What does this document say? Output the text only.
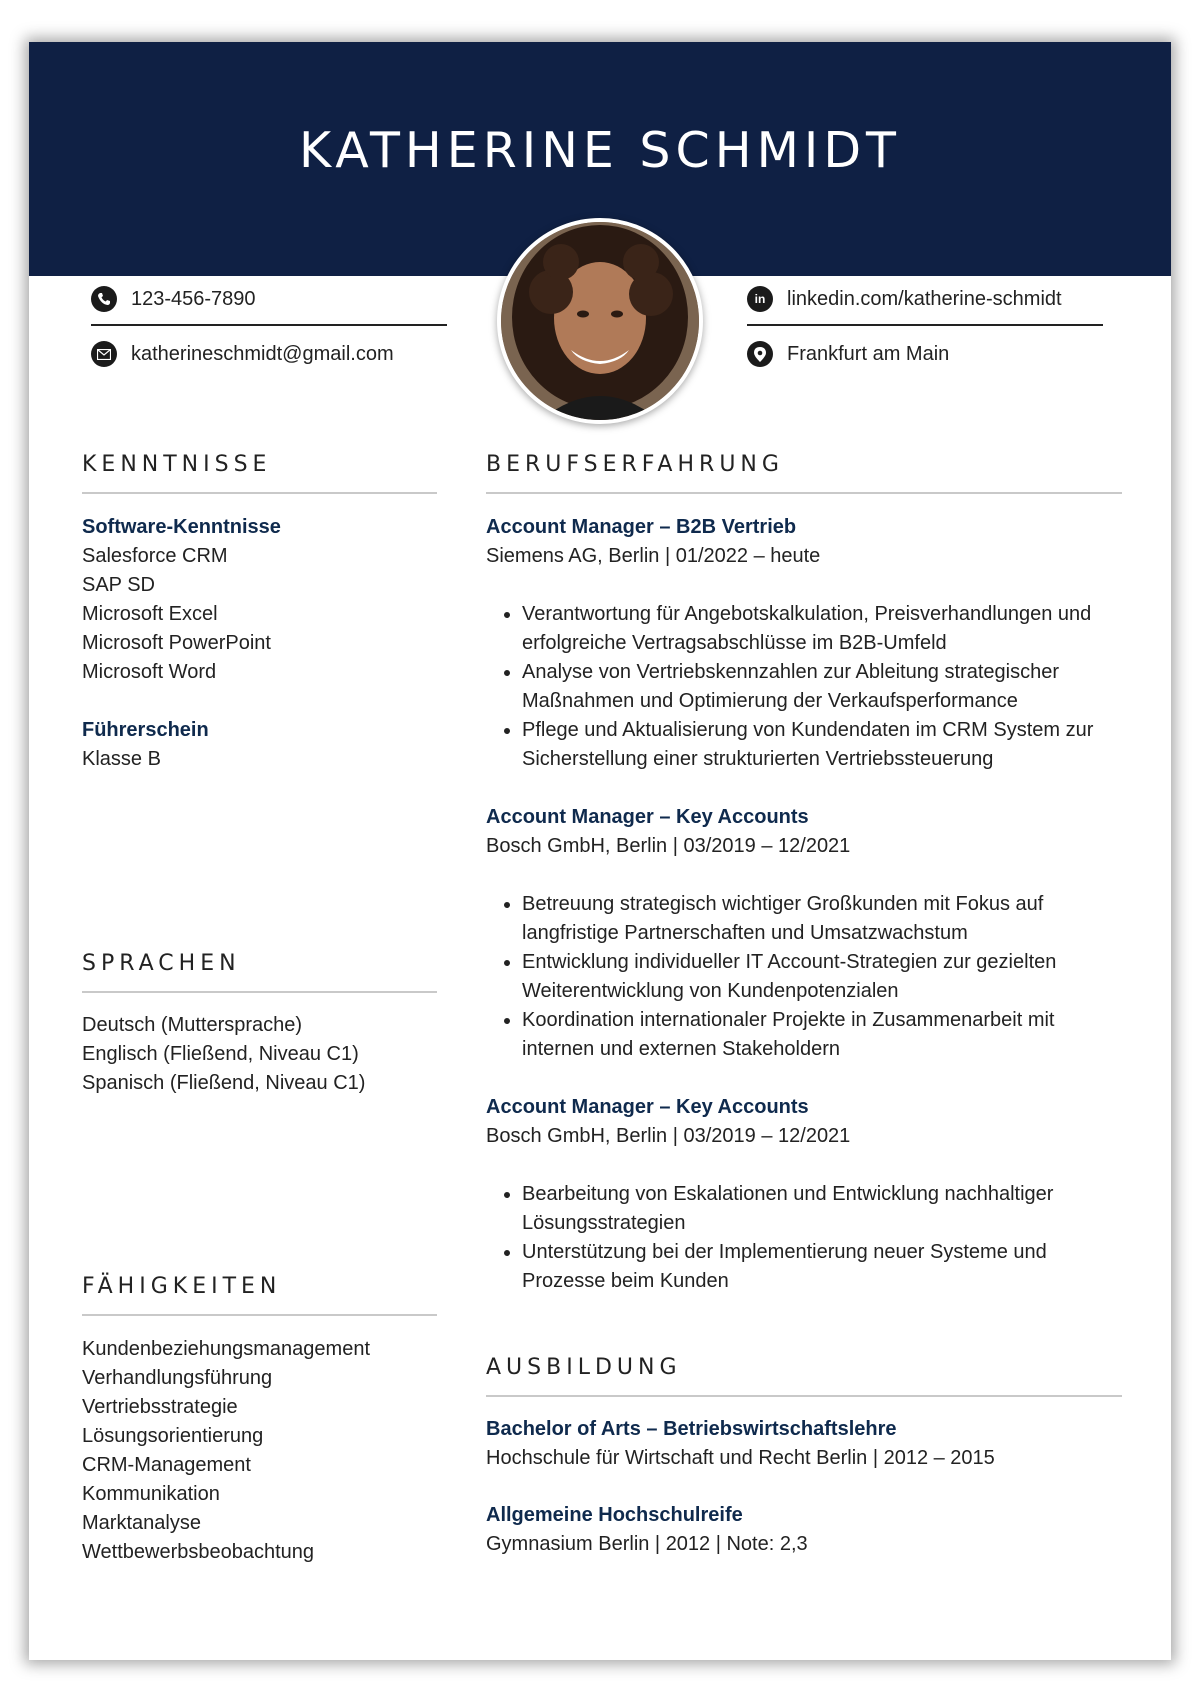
KATHERINE SCHMIDT
123-456-7890
katherineschmidt@gmail.com
in	linkedin.com/katherine-schmidt
Frankfurt am Main
KENNTNISSE
Software-Kenntnisse
Salesforce CRM
SAP SD
Microsoft Excel
Microsoft PowerPoint
Microsoft Word
Führerschein
Klasse B
SPRACHEN
Deutsch (Muttersprache)
Englisch (Fließend, Niveau C1)
Spanisch (Fließend, Niveau C1)
FÄHIGKEITEN
Kundenbeziehungsmanagement
Verhandlungsführung
Vertriebsstrategie
Lösungsorientierung
CRM-Management
Kommunikation
Marktanalyse
Wettbewerbsbeobachtung
BERUFSERFAHRUNG
Account Manager – B2B Vertrieb
Siemens AG, Berlin | 01/2022 – heute
• Verantwortung für Angebotskalkulation, Preisverhandlungen und erfolgreiche Vertragsabschlüsse im B2B-Umfeld
• Analyse von Vertriebskennzahlen zur Ableitung strategischer Maßnahmen und Optimierung der Verkaufsperformance
• Pflege und Aktualisierung von Kundendaten im CRM System zur Sicherstellung einer strukturierten Vertriebssteuerung
Account Manager – Key Accounts
Bosch GmbH, Berlin | 03/2019 – 12/2021
• Betreuung strategisch wichtiger Großkunden mit Fokus auf langfristige Partnerschaften und Umsatzwachstum
• Entwicklung individueller IT Account-Strategien zur gezielten Weiterentwicklung von Kundenpotenzialen
• Koordination internationaler Projekte in Zusammenarbeit mit internen und externen Stakeholdern
Account Manager – Key Accounts
Bosch GmbH, Berlin | 03/2019 – 12/2021
• Bearbeitung von Eskalationen und Entwicklung nachhaltiger Lösungsstrategien
• Unterstützung bei der Implementierung neuer Systeme und Prozesse beim Kunden
AUSBILDUNG
Bachelor of Arts – Betriebswirtschaftslehre
Hochschule für Wirtschaft und Recht Berlin | 2012 – 2015
Allgemeine Hochschulreife
Gymnasium Berlin | 2012 | Note: 2,3
